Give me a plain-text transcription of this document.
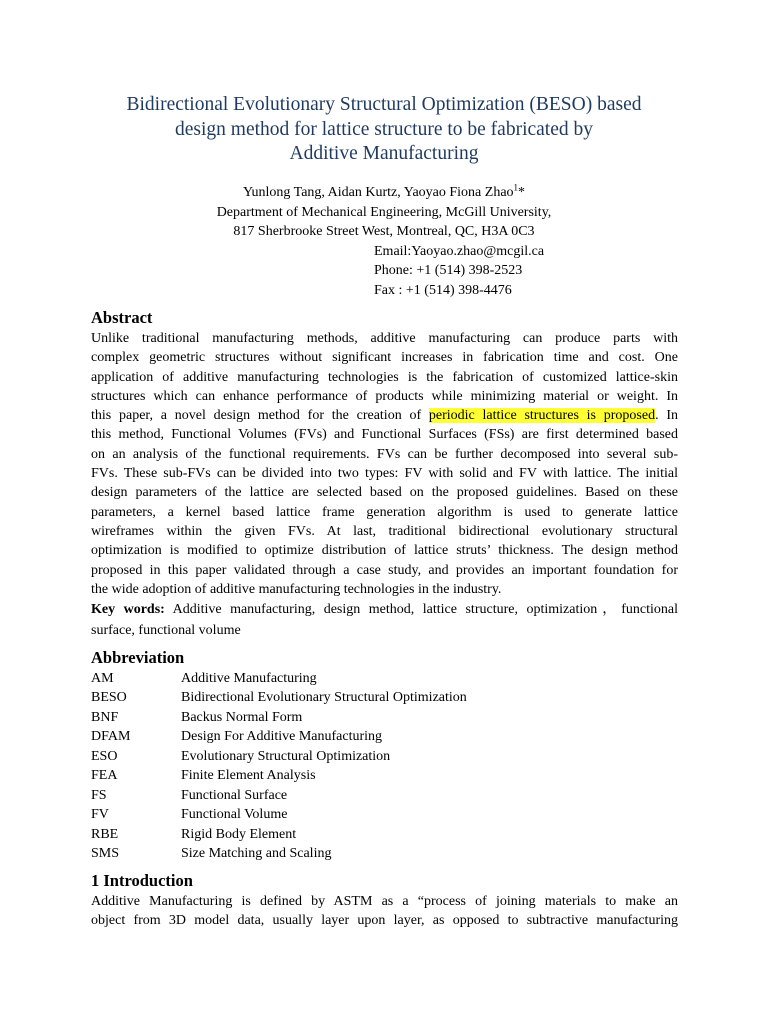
Bidirectional Evolutionary Structural Optimization (BESO) based
design method for lattice structure to be fabricated by
Additive Manufacturing
Yunlong Tang, Aidan Kurtz, Yaoyao Fiona Zhao$^1$*
Department of Mechanical Engineering, McGill University,
817 Sherbrooke Street West, Montreal, QC, H3A 0C3
Email:Yaoyao.zhao@mcgil.ca
Phone: +1 (514) 398-2523
Fax : +1 (514) 398-4476
Abstract
Unlike traditional manufacturing methods, additive manufacturing can produce parts with
complex geometric structures without significant increases in fabrication time and cost. One
application of additive manufacturing technologies is the fabrication of customized lattice-skin
structures which can enhance performance of products while minimizing material or weight. In
this paper, a novel design method for the creation of periodic lattice structures is proposed. In
this method, Functional Volumes (FVs) and Functional Surfaces (FSs) are first determined based
on an analysis of the functional requirements. FVs can be further decomposed into several sub-
FVs. These sub-FVs can be divided into two types: FV with solid and FV with lattice. The initial
design parameters of the lattice are selected based on the proposed guidelines. Based on these
parameters, a kernel based lattice frame generation algorithm is used to generate lattice
wireframes within the given FVs. At last, traditional bidirectional evolutionary structural
optimization is modified to optimize distribution of lattice struts’ thickness. The design method
proposed in this paper validated through a case study, and provides an important foundation for
the wide adoption of additive manufacturing technologies in the industry.
Key words: Additive manufacturing, design method, lattice structure, optimization，functional
surface, functional volume
Abbreviation
AM	Additive Manufacturing
BESO	Bidirectional Evolutionary Structural Optimization
BNF	Backus Normal Form
DFAM	Design For Additive Manufacturing
ESO	Evolutionary Structural Optimization
FEA	Finite Element Analysis
FS	Functional Surface
FV	Functional Volume
RBE	Rigid Body Element
SMS	Size Matching and Scaling
1 Introduction
Additive Manufacturing is defined by ASTM as a “process of joining materials to make an
object from 3D model data, usually layer upon layer, as opposed to subtractive manufacturing
